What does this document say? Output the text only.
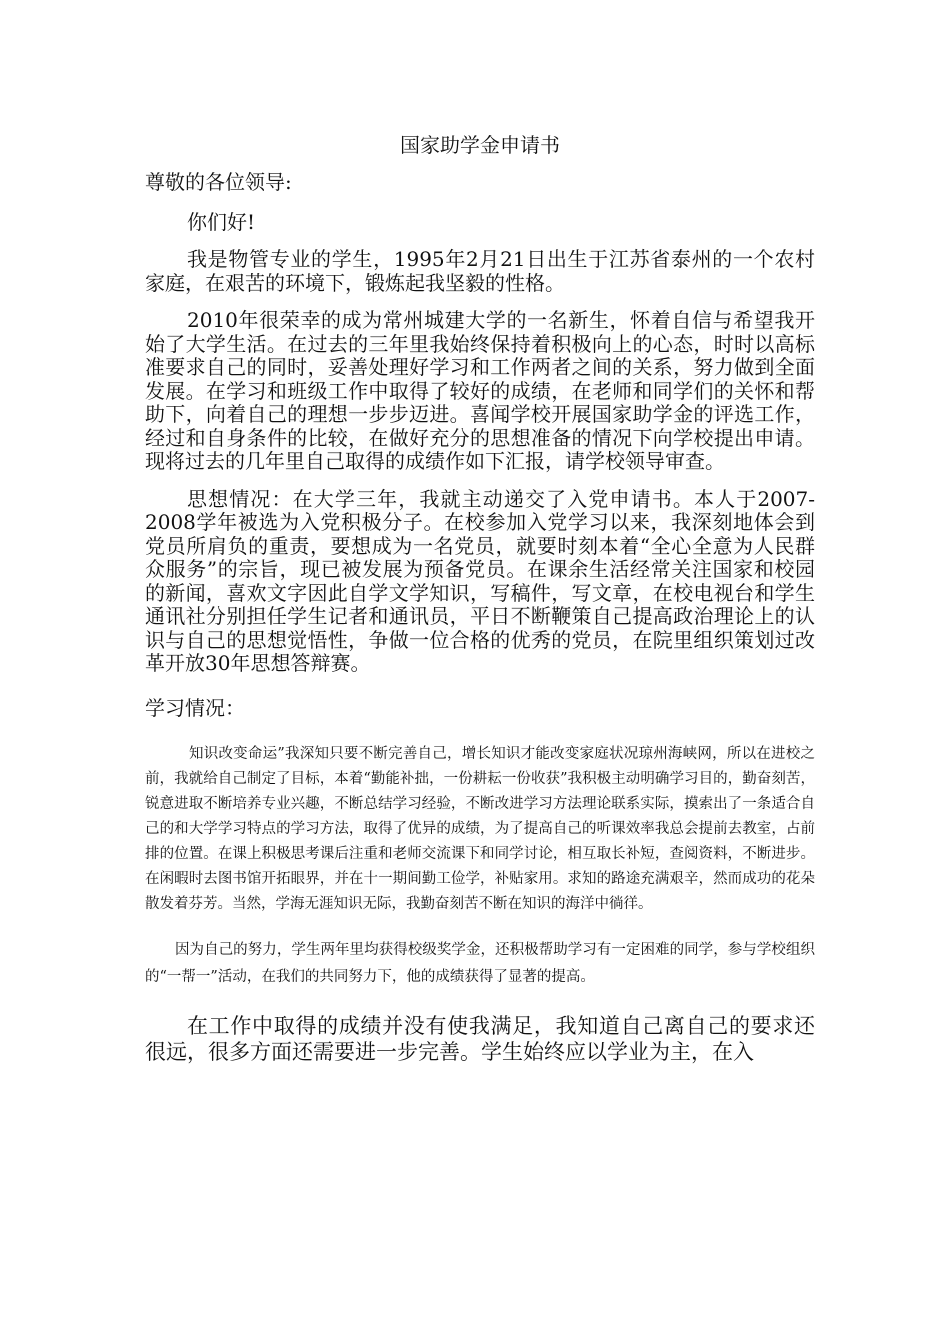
国家助学金申请书
尊敬的各位领导:
你们好!

我是物管专业的学生，1995年2月21日出生于江苏省泰州的一个农村家庭，在艰苦的环境下，锻炼起我坚毅的性格。

2010年很荣幸的成为常州城建大学的一名新生，怀着自信与希望我开始了大学生活。在过去的三年里我始终保持着积极向上的心态，时时以高标准要求自己的同时，妥善处理好学习和工作两者之间的关系，努力做到全面发展。在学习和班级工作中取得了较好的成绩，在老师和同学们的关怀和帮助下，向着自己的理想一步步迈进。喜闻学校开展国家助学金的评选工作，经过和自身条件的比较，在做好充分的思想准备的情况下向学校提出申请。现将过去的几年里自己取得的成绩作如下汇报，请学校领导审查。

思想情况：在大学三年，我就主动递交了入党申请书。本人于2007-2008学年被选为入党积极分子。在校参加入党学习以来，我深刻地体会到党员所肩负的重责，要想成为一名党员，就要时刻本着“全心全意为人民群众服务”的宗旨，现已被发展为预备党员。在课余生活经常关注国家和校园的新闻，喜欢文字因此自学文学知识，写稿件，写文章，在校电视台和学生通讯社分别担任学生记者和通讯员，平日不断鞭策自己提高政治理论上的认识与自己的思想觉悟性，争做一位合格的优秀的党员，在院里组织策划过改革开放30年思想答辩赛。

学习情况：

知识改变命运”我深知只要不断完善自己，增长知识才能改变家庭状况琼州海峡网，所以在进校之前，我就给自己制定了目标，本着“勤能补拙，一份耕耘一份收获”我积极主动明确学习目的，勤奋刻苦，锐意进取不断培养专业兴趣，不断总结学习经验，不断改进学习方法理论联系实际，摸索出了一条适合自己的和大学学习特点的学习方法，取得了优异的成绩，为了提高自己的听课效率我总会提前去教室，占前排的位置。在课上积极思考课后注重和老师交流课下和同学讨论，相互取长补短，查阅资料，不断进步。在闲暇时去图书馆开拓眼界，并在十一期间勤工俭学，补贴家用。求知的路途充满艰辛，然而成功的花朵散发着芬芳。当然，学海无涯知识无际，我勤奋刻苦不断在知识的海洋中徜徉。

因为自己的努力，学生两年里均获得校级奖学金，还积极帮助学习有一定困难的同学，参与学校组织的“一帮一”活动，在我们的共同努力下，他的成绩获得了显著的提高。

在工作中取得的成绩并没有使我满足，我知道自己离自己的要求还很远，很多方面还需要进一步完善。学生始终应以学业为主，在入
